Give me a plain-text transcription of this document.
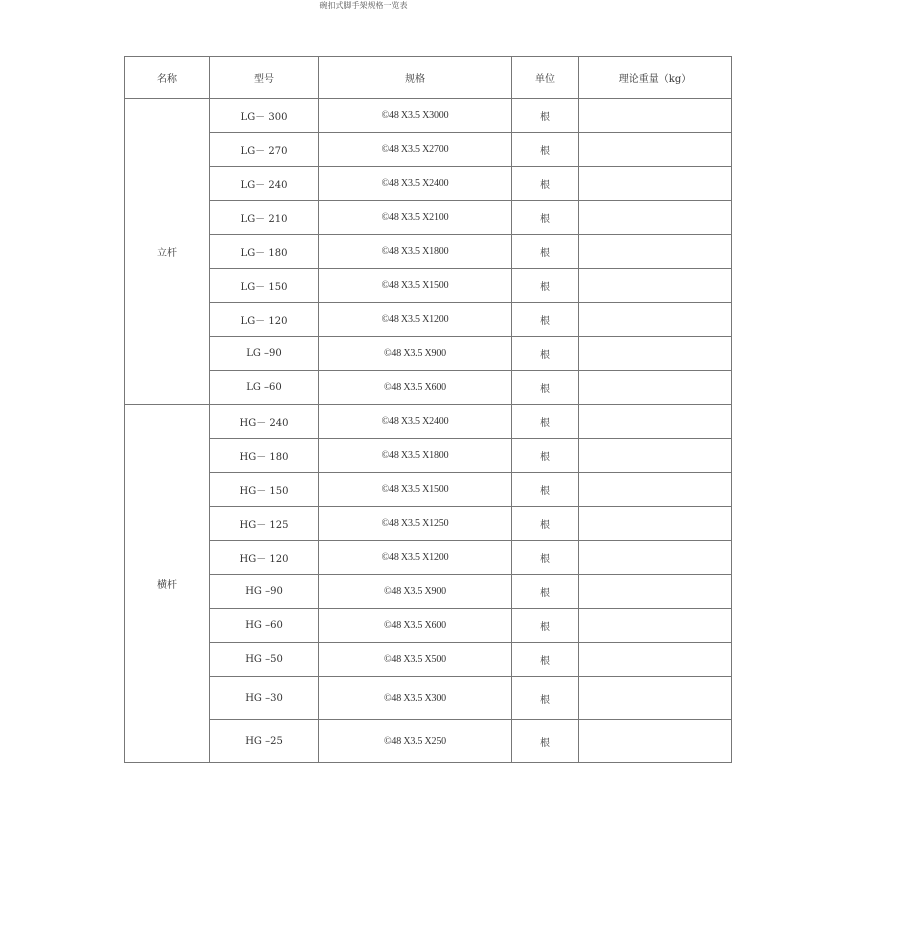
碗扣式脚手架规格一览表
名称	型号	规格	单位	理论重量（kg）
立杆	LG－ 300	©48 X3.5 X3000	根	
	LG－ 270	©48 X3.5 X2700	根	
	LG－ 240	©48 X3.5 X2400	根	
	LG－ 210	©48 X3.5 X2100	根	
	LG－ 180	©48 X3.5 X1800	根	
	LG－ 150	©48 X3.5 X1500	根	
	LG－ 120	©48 X3.5 X1200	根	
	LG –90	©48 X3.5 X900	根	
	LG –60	©48 X3.5 X600	根	
横杆	HG－ 240	©48 X3.5 X2400	根	
	HG－ 180	©48 X3.5 X1800	根	
	HG－ 150	©48 X3.5 X1500	根	
	HG－ 125	©48 X3.5 X1250	根	
	HG－ 120	©48 X3.5 X1200	根	
	HG –90	©48 X3.5 X900	根	
	HG –60	©48 X3.5 X600	根	
	HG –50	©48 X3.5 X500	根	
	HG –30	©48 X3.5 X300	根	
	HG –25	©48 X3.5 X250	根	
